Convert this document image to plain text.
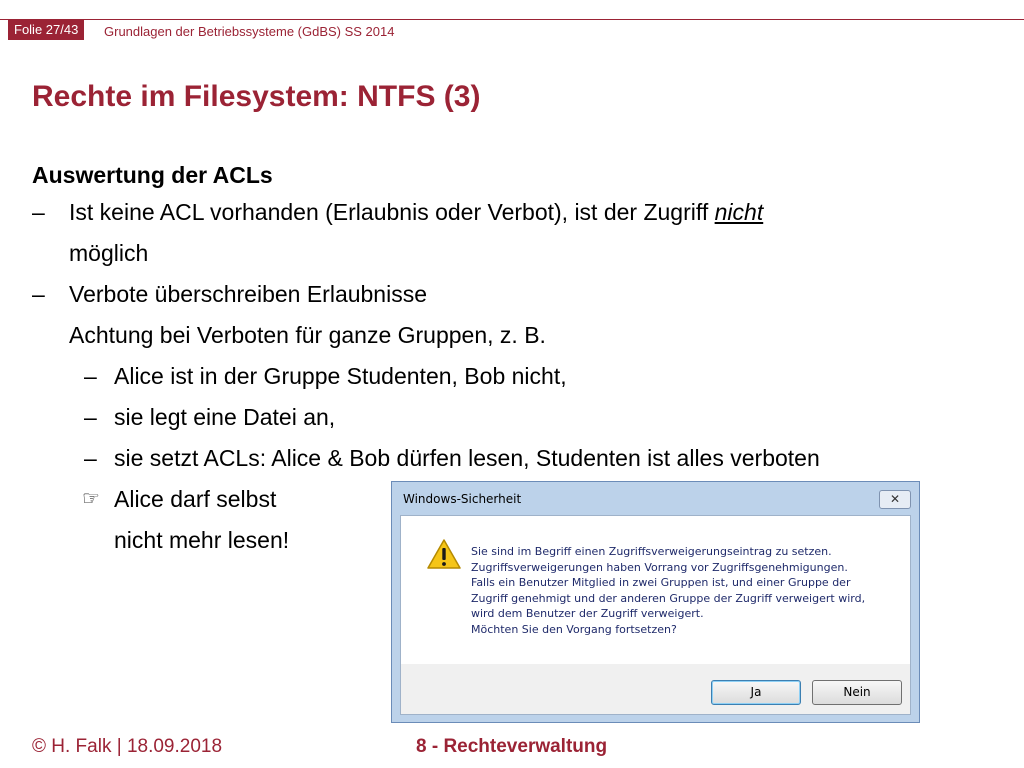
Folie 27/43	Grundlagen der Betriebssysteme (GdBS) SS 2014
Rechte im Filesystem: NTFS (3)
Auswertung der ACLs
– Ist keine ACL vorhanden (Erlaubnis oder Verbot), ist der Zugriff nicht
möglich
– Verbote überschreiben Erlaubnisse
Achtung bei Verboten für ganze Gruppen, z. B.
– Alice ist in der Gruppe Studenten, Bob nicht,
– sie legt eine Datei an,
– sie setzt ACLs: Alice & Bob dürfen lesen, Studenten ist alles verboten
☞ Alice darf selbst
nicht mehr lesen!
Windows-Sicherheit	✕
Sie sind im Begriff einen Zugriffsverweigerungseintrag zu setzen.
Zugriffsverweigerungen haben Vorrang vor Zugriffsgenehmigungen.
Falls ein Benutzer Mitglied in zwei Gruppen ist, und einer Gruppe der
Zugriff genehmigt und der anderen Gruppe der Zugriff verweigert wird,
wird dem Benutzer der Zugriff verweigert.
Möchten Sie den Vorgang fortsetzen?
Ja	Nein
© H. Falk | 18.09.2018	8 - Rechteverwaltung
